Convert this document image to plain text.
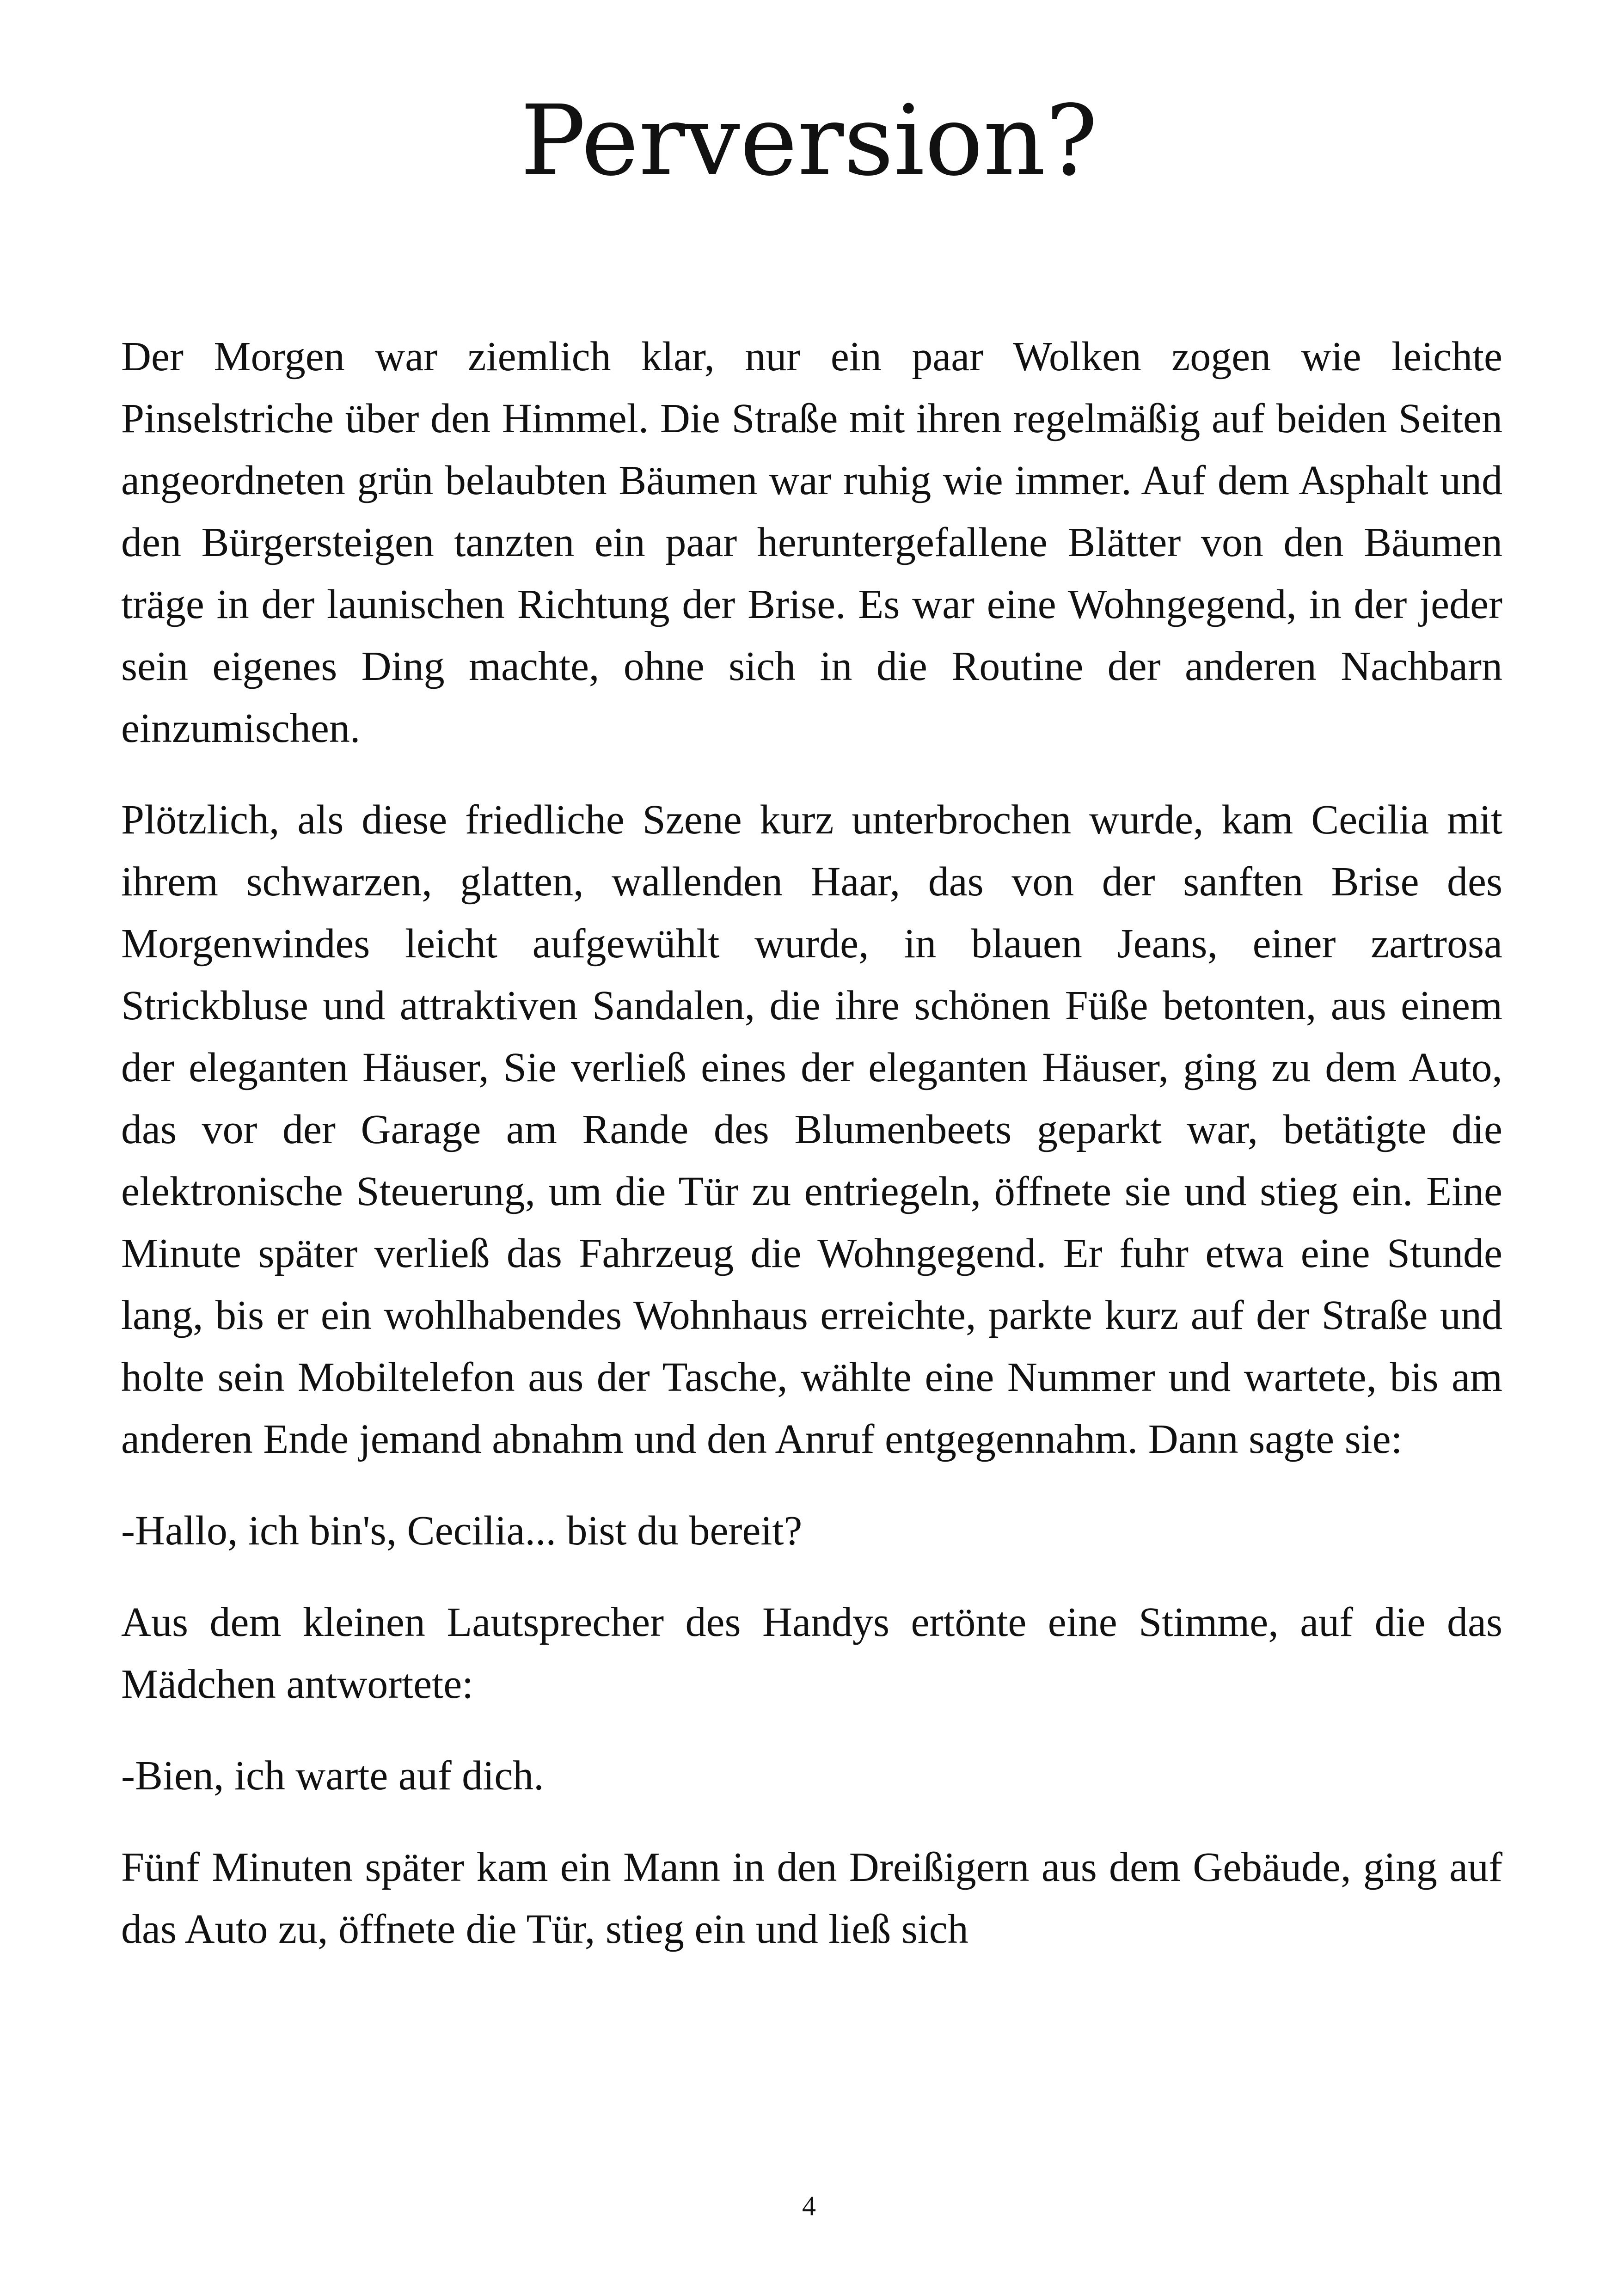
Perversion?

Der Morgen war ziemlich klar, nur ein paar Wolken zogen wie leichte Pinselstriche über den Himmel. Die Straße mit ihren regelmäßig auf beiden Seiten angeordneten grün belaubten Bäumen war ruhig wie immer. Auf dem Asphalt und den Bürgersteigen tanzten ein paar heruntergefallene Blätter von den Bäumen träge in der launischen Richtung der Brise. Es war eine Wohngegend, in der jeder sein eigenes Ding machte, ohne sich in die Routine der anderen Nachbarn einzumischen.

Plötzlich, als diese friedliche Szene kurz unterbrochen wurde, kam Cecilia mit ihrem schwarzen, glatten, wallenden Haar, das von der sanften Brise des Morgenwindes leicht aufgewühlt wurde, in blauen Jeans, einer zartrosa Strickbluse und attraktiven Sandalen, die ihre schönen Füße betonten, aus einem der eleganten Häuser, Sie verließ eines der eleganten Häuser, ging zu dem Auto, das vor der Garage am Rande des Blumenbeets geparkt war, betätigte die elektronische Steuerung, um die Tür zu entriegeln, öffnete sie und stieg ein. Eine Minute später verließ das Fahrzeug die Wohngegend. Er fuhr etwa eine Stunde lang, bis er ein wohlhabendes Wohnhaus erreichte, parkte kurz auf der Straße und holte sein Mobiltelefon aus der Tasche, wählte eine Nummer und wartete, bis am anderen Ende jemand abnahm und den Anruf entgegennahm. Dann sagte sie:

-Hallo, ich bin's, Cecilia... bist du bereit?

Aus dem kleinen Lautsprecher des Handys ertönte eine Stimme, auf die das Mädchen antwortete:

-Bien, ich warte auf dich.

Fünf Minuten später kam ein Mann in den Dreißigern aus dem Gebäude, ging auf das Auto zu, öffnete die Tür, stieg ein und ließ sich

4
